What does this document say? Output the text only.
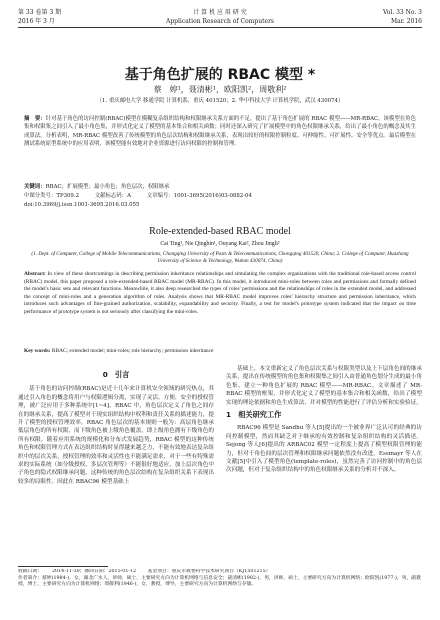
第 33 卷第 3 期
2016 年 3 月
计 算 机 应 用 研 究
Application Research of Computers
Vol. 33 No. 3
Mar. 2016
基于角色扩展的 RBAC 模型 *
蔡　婷¹，聂清彬¹，欧阳凯²，周敬利²
（1. 重庆邮电大学 移通学院 计算机系，重庆 401520；2. 华中科技大学 计算机学院，武汉 430074）
摘　要：针对基于角色的访问控制(RBAC)模型在模糊复杂组织结构和权限继承关系方面的不足，提出了基于角色扩展的 RBAC 模型——MR-RBAC。该模型在角色集和权限集之间引入了最小角色集，并形式化定义了模型的基本集合和相关函数；同时还深入研究了扩展模型中的角色权限继承关系，给出了最小角色的概念及其生成算法。分析表明，MR-RBAC 模型改善了传统模型的角色层次结构和权限继承关系，表现出较好的权限控制粒度、可伸缩性、可扩展性、安全等优点。最后模型在测试系统原型系统中的应用表明，该模型能有效地对企业资源进行访问权限的控制和管理。
关键词：RBAC；扩展模型；最小角色；角色层次；权限继承
中图分类号：TP309.2	文献标志码：A	文章编号：1001-3695(2016)03-0882-04
doi:10.3969/j.issn.1001-3695.2016.03.055
Role-extended-based RBAC model
Cai Ting¹, Nie Qingbin¹, Ouyang Kai², Zhou Jingli²
(1. Dept. of Computer, College of Mobile Telecommunications, Chongqing University of Posts & Telecommunications, Chongqing 401520, China; 2. College of Computer, Huazhong University of Science & Technology, Wuhan 430074, China)
Abstract: In view of these shortcomings in describing permission inheritance relationships and simulating the complex organizations with the traditional role-based access control (RBAC) model, this paper proposed a role-extended-based RBAC model (MR-RBAC). In this model, it introduced mini-roles between roles and permissions and formally defined the model's basic sets and relevant functions. Meanwhile, it also deep researched the types of roles' permissions and the relationships of roles in the extended model, and addressed the concept of mini-roles and a generation algorithm of roles. Analysis shows that MR-RBAC model improves roles' hierarchy structure and permission inheritance, which introduces such advantages of fine-grained authorization, scalability, expandability and security. Finally, a test for model's prototype system indicated that the impact on time performance of prototype system is not seriously after classifying the mini-roles.
Key words: RBAC; extended model; mini-roles; role hierarchy; permission inheritance
0　引言

基于角色的访问控制(RBAC)是近十几年来计算机安全领域的研究热点，其通过引入角色的概念将用户与权限逻辑分离，实现了灵活、方便、安全的授权管理，被广泛应用于多种系统中[1~4]。RBAC 中，角色层次定义了角色之间存在的继承关系，提高了模型对于现实组织结构中权利和责任关系的描述能力，提升了模型的授权管理效率。RBAC 角色层次的基本规则一般为：高层角色继承低层角色的所有权限，而下级角色被上级角色覆盖，即上级角色拥有下级角色的所有权限。随着应用系统的规模化和分布式发展趋势，RBAC 模型的这种传统角色和权限管理方式在表达组织结构时显得越来越乏力，不能有效地表达复杂组织中的层次关系，授权管理的效率和灵活性也不能满足需求，对于一些有特殊需求的实际系统（如分级授权、多层次管理等）不能很好地适应，加上层次角色中子角色的隐式权限继承问题，这种传统的角色层次结构在复杂组织关系下表现出较多的局限性。因此在 RBAC96 模型基础上

基础上，本文重新定义了角色层次关系与权限类型以及上下层角色间的继承关系，提出在传统模型的角色集和权限集之间引入由普通角色划分生成的最小角色集，建立一种角色扩展的 RBAC 模型——MR-RBAC。文章描述了 MR-RBAC 模型的框架，并形式化定义了模型的基本集合和相关函数，给出了模型实现的理论依据和角色生成算法，并对模型的性能进行了评估分析和实验验证。

1　相关研究工作

RBAC96 模型是 Sandhu 等人[5]提出的一个被业界广泛认可的经典的访问控制模型，然而其缺乏对于继承的有效控制和复杂组织结构的灵活描述。Sejong 等人[6]提出的 ARBAC02 模型一定程度上提高了模型权限管理的能力，但对于角色间的层次管理和权限继承问题依然没有改进。Essmayr 等人在文献[5]中引入了模型角色(template-roles)，虽然完善了访问控制中的角色层次问题，但对于复杂组织结构中的角色权限继承关系的分析并不深入。

收稿日期： 2014-11-30；修回日期：2015-01-12 基金项目：重庆市教委科学技术研究项目（KJ1501215）
作者简介：蔡婷(1984-)，女，湖北广水人，讲师，硕士，主要研究方向为计算机网络与信息安全；聂清彬(1982-)，男，讲师，硕士，主要研究方向为计算机网络；欧阳凯(1977-)，男，副教授，博士，主要研究方向为计算机网络；周敬利(1946-)，女，教授，博导，主要研究方向为计算机网络与存储。
